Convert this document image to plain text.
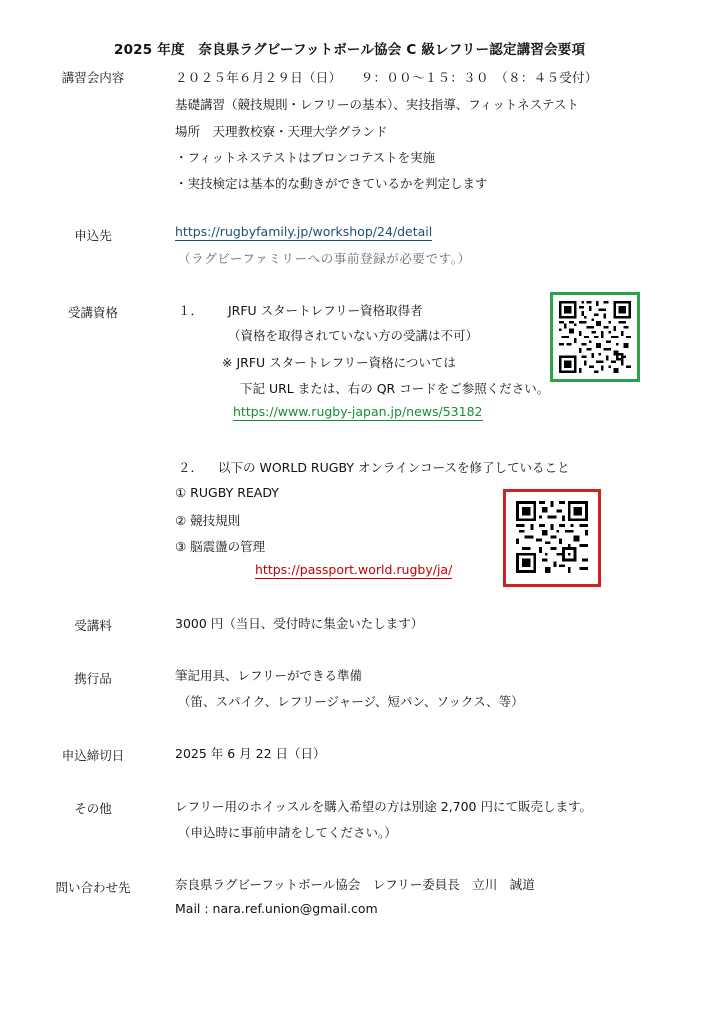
2025 年度　奈良県ラグビーフットボール協会 C 級レフリー認定講習会要項
講習会内容	２０２５年６月２９日（日）　　９：００～１５：３０　（８：４５受付）
基礎講習（競技規則・レフリーの基本）、実技指導、フィットネステスト
場所　天理教校寮・天理大学グランド
・フィットネステストはブロンコテストを実施
・実技検定は基本的な動きができているかを判定します
申込先	https://rugbyfamily.jp/workshop/24/detail
（ラグビーファミリーへの事前登録が必要です。）
受講資格	１． JRFU スタートレフリー資格取得者
（資格を取得されていない方の受講は不可）
※ JRFU スタートレフリー資格については
下記 URL または、右の QR コードをご参照ください。
https://www.rugby-japan.jp/news/53182
２． 以下の WORLD RUGBY オンラインコースを修了していること
① RUGBY READY
② 競技規則
③ 脳震盪の管理
https://passport.world.rugby/ja/
受講料	3000 円（当日、受付時に集金いたします）
携行品	筆記用具、レフリーができる準備
（笛、スパイク、レフリージャージ、短パン、ソックス、等）
申込締切日	2025 年 6 月 22 日（日）
その他	レフリー用のホイッスルを購入希望の方は別途 2,700 円にて販売します。
（申込時に事前申請をしてください。）
問い合わせ先	奈良県ラグビーフットボール協会　レフリー委員長　立川　誠道
Mail : nara.ref.union@gmail.com
